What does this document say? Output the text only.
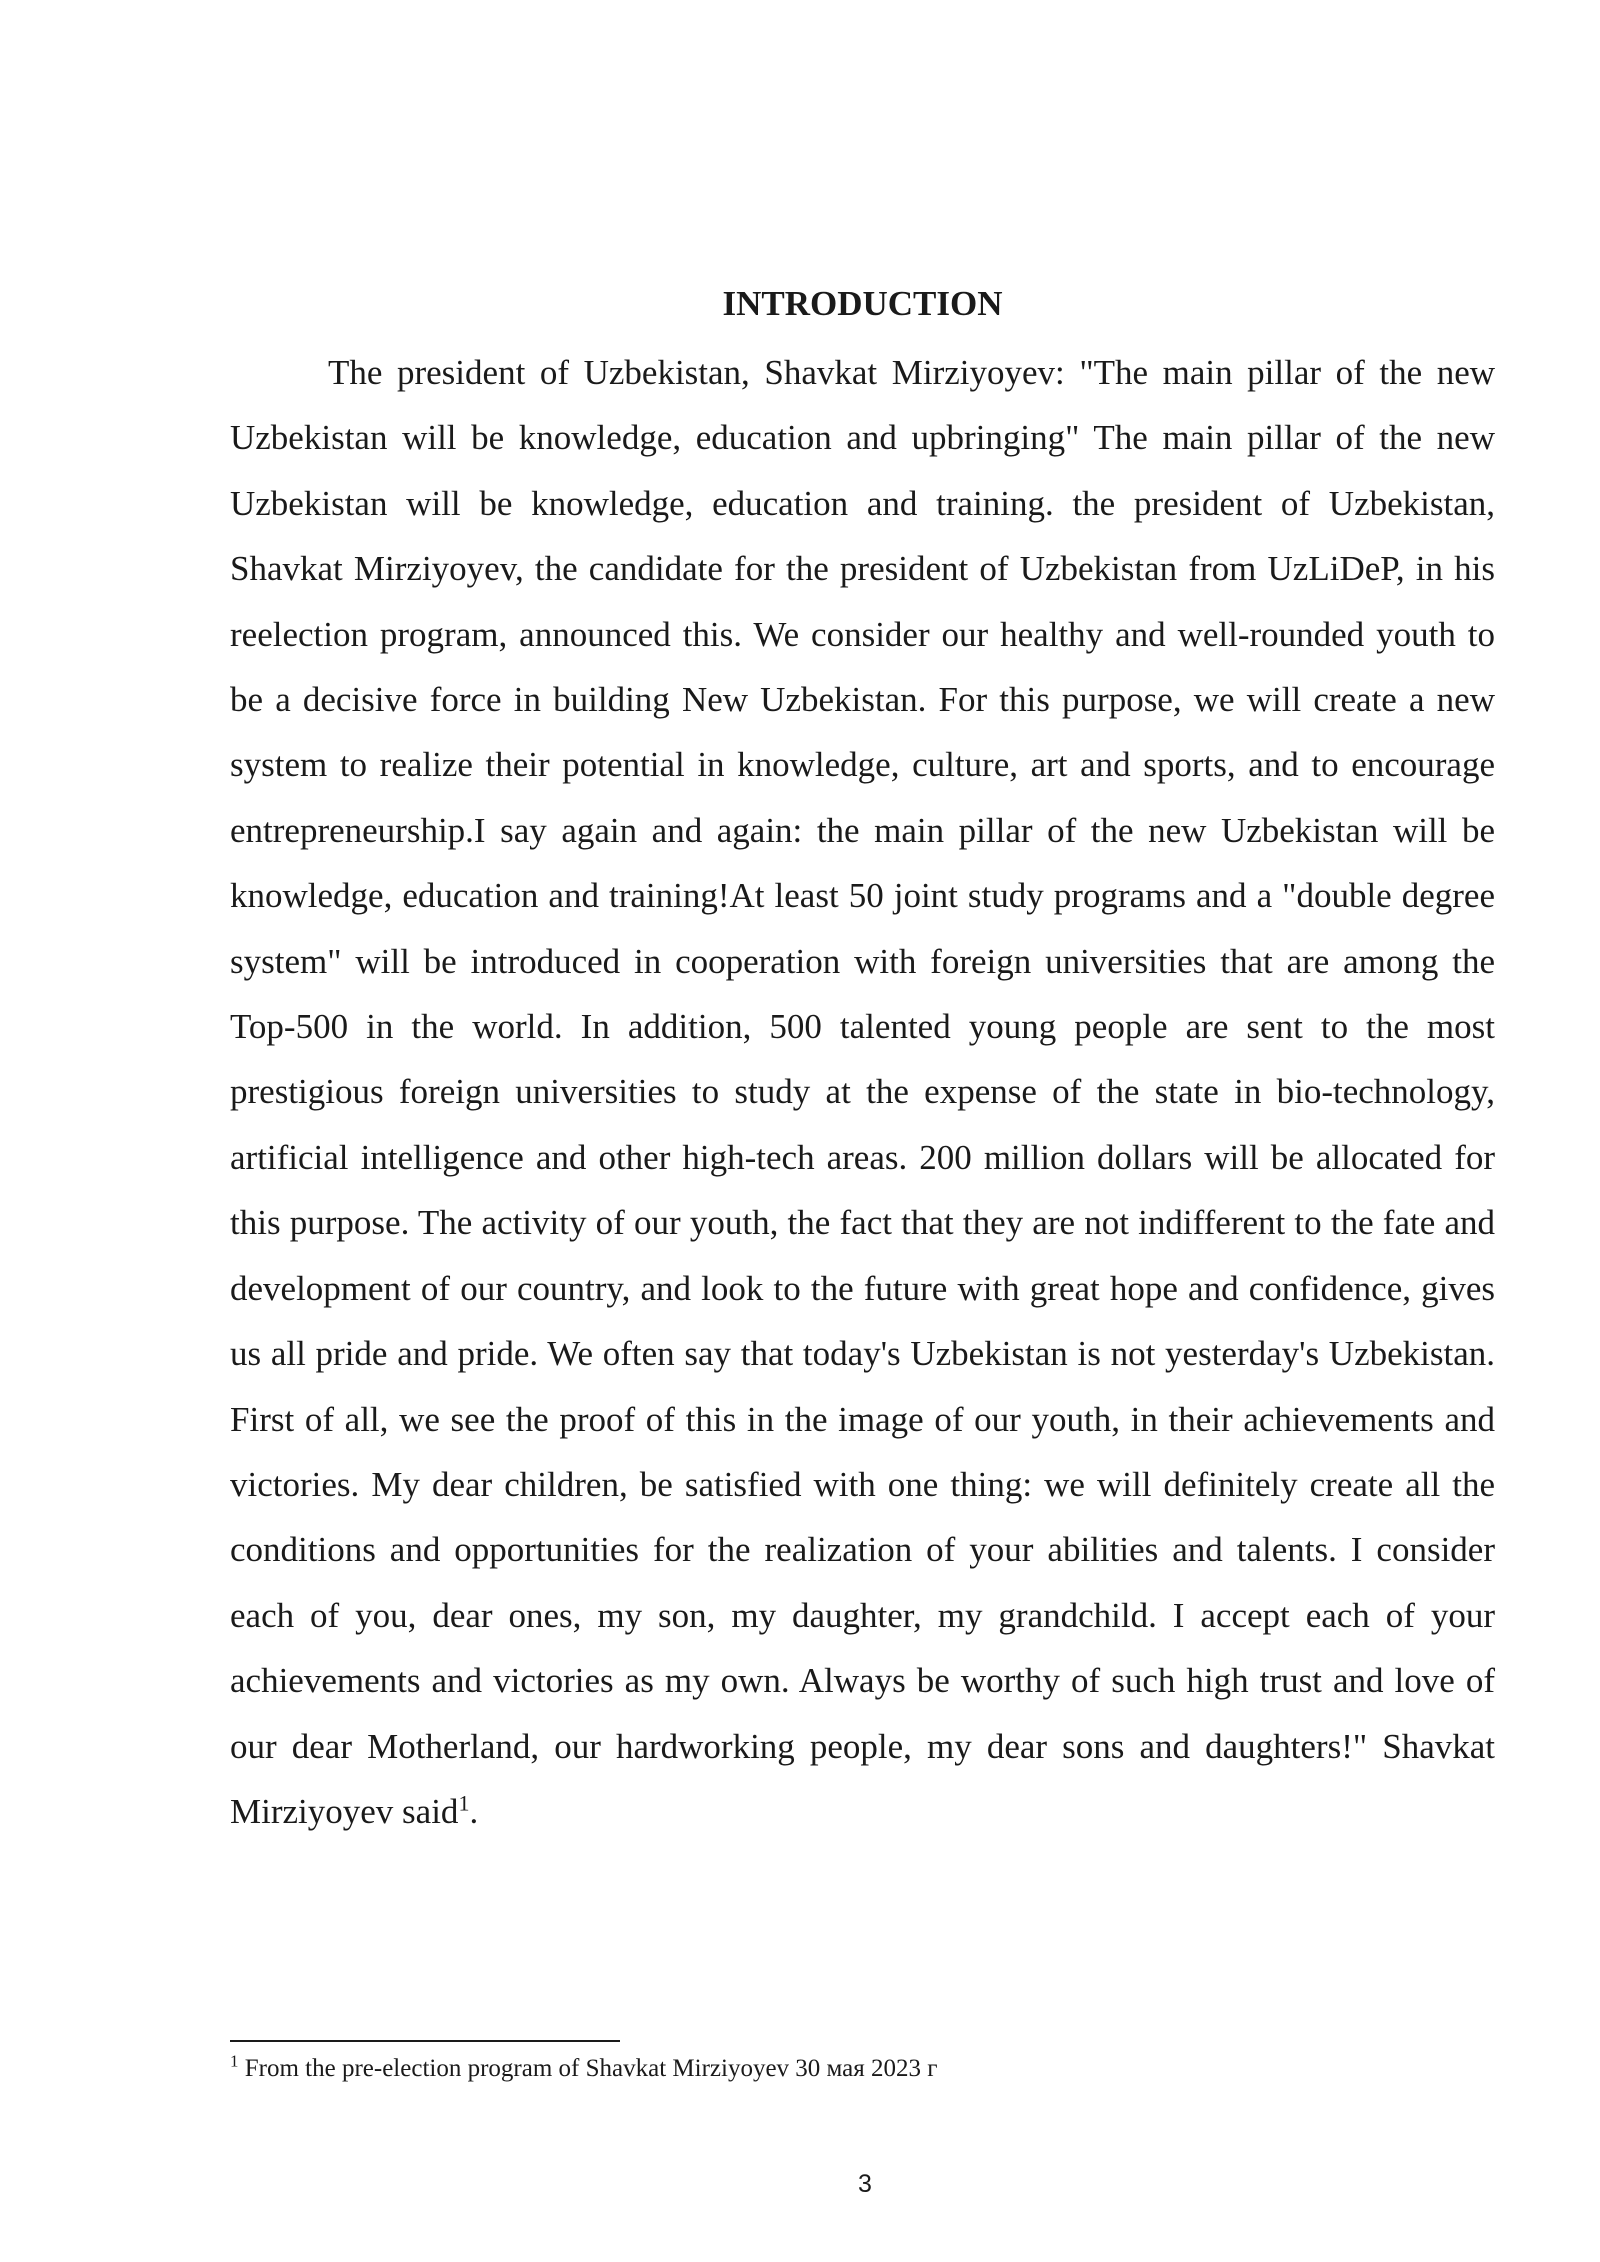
INTRODUCTION

The president of Uzbekistan, Shavkat Mirziyoyev: "The main pillar of the new Uzbekistan will be knowledge, education and upbringing" The main pillar of the new Uzbekistan will be knowledge, education and training. the president of Uzbekistan, Shavkat Mirziyoyev, the candidate for the president of Uzbekistan from UzLiDeP, in his reelection program, announced this. We consider our healthy and well-rounded youth to be a decisive force in building New Uzbekistan. For this purpose, we will create a new system to realize their potential in knowledge, culture, art and sports, and to encourage entrepreneurship.I say again and again: the main pillar of the new Uzbekistan will be knowledge, education and training!At least 50 joint study programs and a "double degree system" will be introduced in cooperation with foreign universities that are among the Top-500 in the world. In addition, 500 talented young people are sent to the most prestigious foreign universities to study at the expense of the state in bio-technology, artificial intelligence and other high-tech areas. 200 million dollars will be allocated for this purpose. The activity of our youth, the fact that they are not indifferent to the fate and development of our country, and look to the future with great hope and confidence, gives us all pride and pride. We often say that today's Uzbekistan is not yesterday's Uzbekistan. First of all, we see the proof of this in the image of our youth, in their achievements and victories. My dear children, be satisfied with one thing: we will definitely create all the conditions and opportunities for the realization of your abilities and talents. I consider each of you, dear ones, my son, my daughter, my grandchild. I accept each of your achievements and victories as my own. Always be worthy of such high trust and love of our dear Motherland, our hardworking people, my dear sons and daughters!" Shavkat Mirziyoyev said$^1$.

$^1$ From the pre-election program of Shavkat Mirziyoyev 30 мая 2023 г

3
